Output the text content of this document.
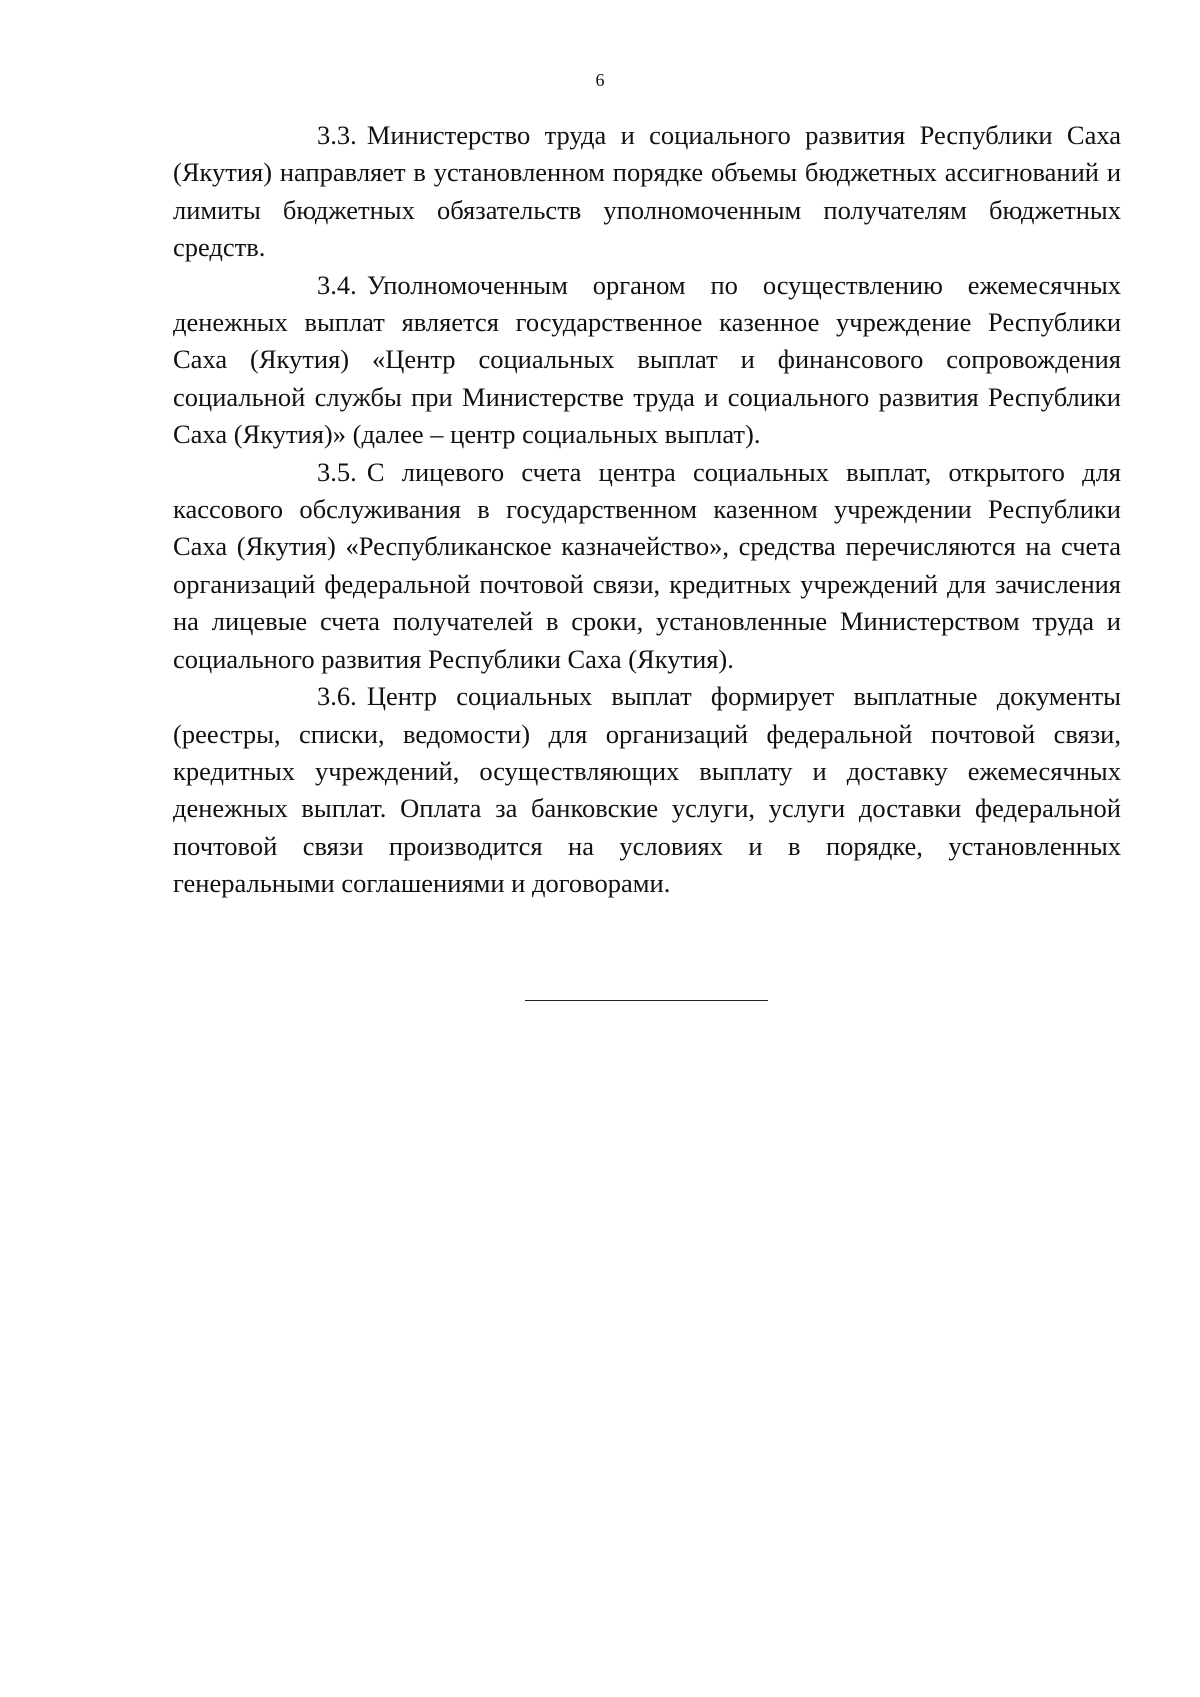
6

3.3. Министерство труда и социального развития Республики Саха (Якутия) направляет в установленном порядке объемы бюджетных ассигнований и лимиты бюджетных обязательств уполномоченным получателям бюджетных средств.

3.4. Уполномоченным органом по осуществлению ежемесячных денежных выплат является государственное казенное учреждение Республики Саха (Якутия) «Центр социальных выплат и финансового сопровождения социальной службы при Министерстве труда и социального развития Республики Саха (Якутия)» (далее – центр социальных выплат).

3.5. С лицевого счета центра социальных выплат, открытого для кассового обслуживания в государственном казенном учреждении Республики Саха (Якутия) «Республиканское казначейство», средства перечисляются на счета организаций федеральной почтовой связи, кредитных учреждений для зачисления на лицевые счета получателей в сроки, установленные Министерством труда и социального развития Республики Саха (Якутия).

3.6. Центр социальных выплат формирует выплатные документы (реестры, списки, ведомости) для организаций федеральной почтовой связи, кредитных учреждений, осуществляющих выплату и доставку ежемесячных денежных выплат. Оплата за банковские услуги, услуги доставки федеральной почтовой связи производится на условиях и в порядке, установленных генеральными соглашениями и договорами.
